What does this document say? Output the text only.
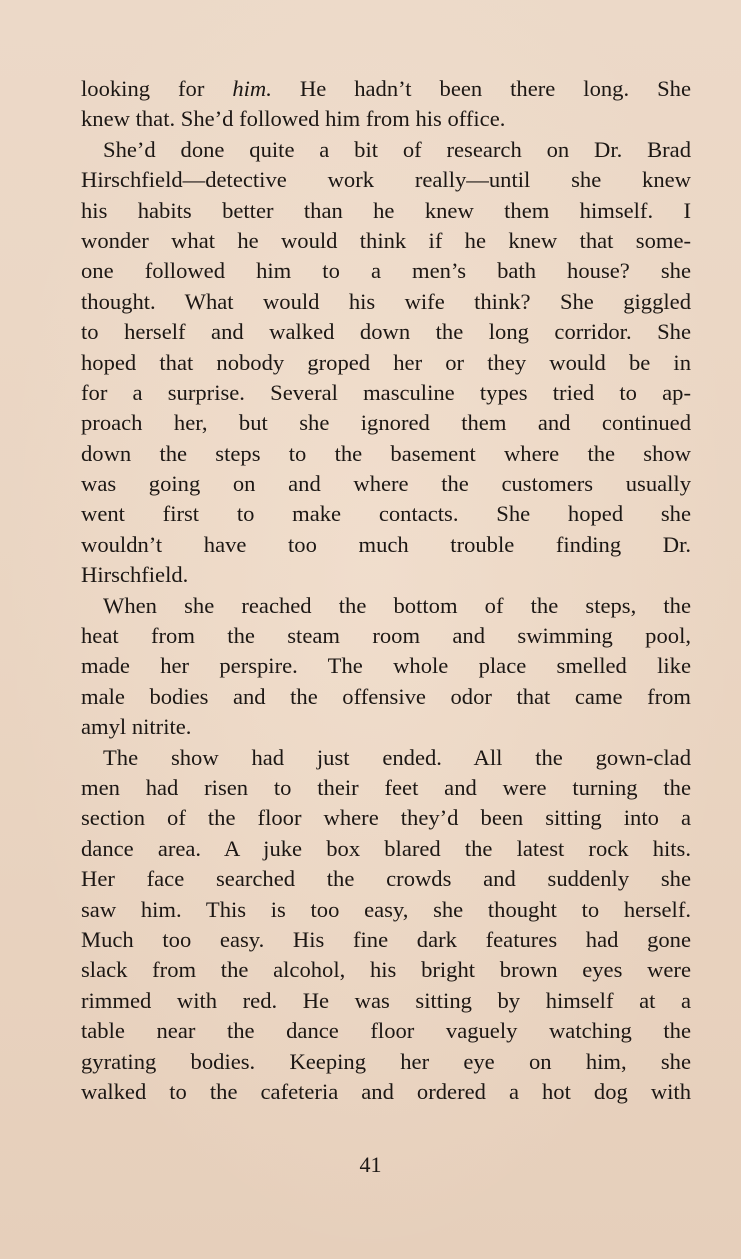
looking for him. He hadn’t been there long. She
knew that. She’d followed him from his office.
She’d done quite a bit of research on Dr. Brad
Hirschfield—detective work really—until she knew
his habits better than he knew them himself. I
wonder what he would think if he knew that some-
one followed him to a men’s bath house? she
thought. What would his wife think? She giggled
to herself and walked down the long corridor. She
hoped that nobody groped her or they would be in
for a surprise. Several masculine types tried to ap-
proach her, but she ignored them and continued
down the steps to the basement where the show
was going on and where the customers usually
went first to make contacts. She hoped she
wouldn’t have too much trouble finding Dr.
Hirschfield.
When she reached the bottom of the steps, the
heat from the steam room and swimming pool,
made her perspire. The whole place smelled like
male bodies and the offensive odor that came from
amyl nitrite.
The show had just ended. All the gown-clad
men had risen to their feet and were turning the
section of the floor where they’d been sitting into a
dance area. A juke box blared the latest rock hits.
Her face searched the crowds and suddenly she
saw him. This is too easy, she thought to herself.
Much too easy. His fine dark features had gone
slack from the alcohol, his bright brown eyes were
rimmed with red. He was sitting by himself at a
table near the dance floor vaguely watching the
gyrating bodies. Keeping her eye on him, she
walked to the cafeteria and ordered a hot dog with
41
